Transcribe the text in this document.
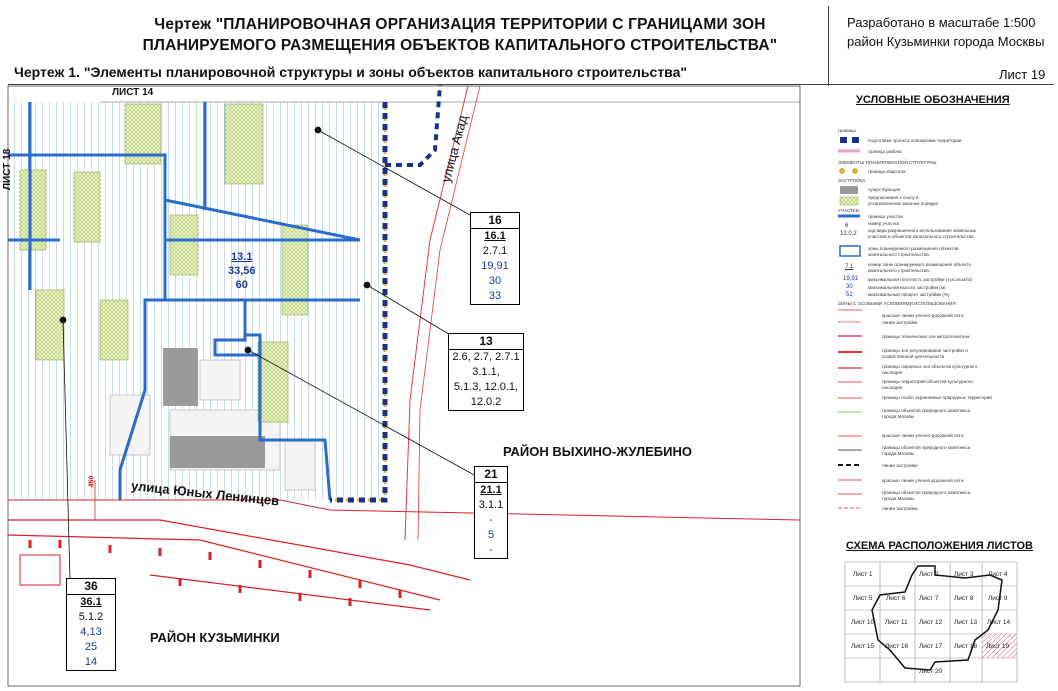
Чертеж "ПЛАНИРОВОЧНАЯ ОРГАНИЗАЦИЯ ТЕРРИТОРИИ С ГРАНИЦАМИ ЗОН
ПЛАНИРУЕМОГО РАЗМЕЩЕНИЯ ОБЪЕКТОВ КАПИТАЛЬНОГО СТРОИТЕЛЬСТВА"
Чертеж 1. "Элементы планировочной структуры и зоны объектов капитального строительства"
Разработано в масштабе 1:500
район Кузьминки города Москвы
Лист 19
ЛИСТ 14
ЛИСТ 18	улица Акад
улица Юных Ленинцев
РАЙОН ВЫХИНО-ЖУЛЕБИНО
РАЙОН КУЗЬМИНКИ
450
13.1
33,56
60
-
16
16.1
2.7.1
19,91
30
33
13
2.6, 2.7, 2.7.1
3.1.1,
5.1.3, 12.0.1,
12.0.2
21
21.1
3.1.1
-
5
-
36
36.1
5.1.2
4,13
25
14
УСЛОВНЫЕ ОБОЗНАЧЕНИЯ
границы
подготовки проекта планировки территории
граница района
ЭЛЕМЕНТЫ ПЛАНИРОВОЧНОЙ СТРУКТУРЫ
граница квартала
ЗАСТРОЙКА
существующая
предлагаемая к сносу в установленном законом порядке
УЧАСТКИ
граница участка
номер участка
код вида разрешенного использования земельных участков и объектов капитального строительства
зоны планируемого размещения объектов капитального строительства
номер зоны планируемого размещения объекта капитального строительства
максимальная плотность застройки (тыс.кв.м/га)
максимальная высота застройки (м)
максимальный процент застройки (%)
ЗОНЫ С ОСОБЫМИ УСЛОВИЯМИ ИСПОЛЬЗОВАНИЯ
красные линии улично-дорожной сети
линии застройки
границы технических зон метрополитена
границы зон регулирования застройки и хозяйственной деятельности
границы охранных зон объектов культурного наследия
границы территорий объектов культурного наследия
границы особо охраняемых природных территорий
границы объектов природного комплекса города Москвы
красные линии улично-дорожной сети
границы объектов природного комплекса города Москвы
линии застройки
красные линии улично-дорожной сети
границы объектов природного комплекса города Москвы
линии застройки
6
12.0.2
7.1
19,91
30
52
СХЕМА РАСПОЛОЖЕНИЯ ЛИСТОВ
Лист 1	Лист 2 Лист 3 Лист 4
Лист 5 Лист 6 Лист 7 Лист 8 Лист 9
Лист 10 Лист 11 Лист 12 Лист 13 Лист 14
Лист 15 Лист 16 Лист 17 Лист 18 Лист 19
Лист 20
